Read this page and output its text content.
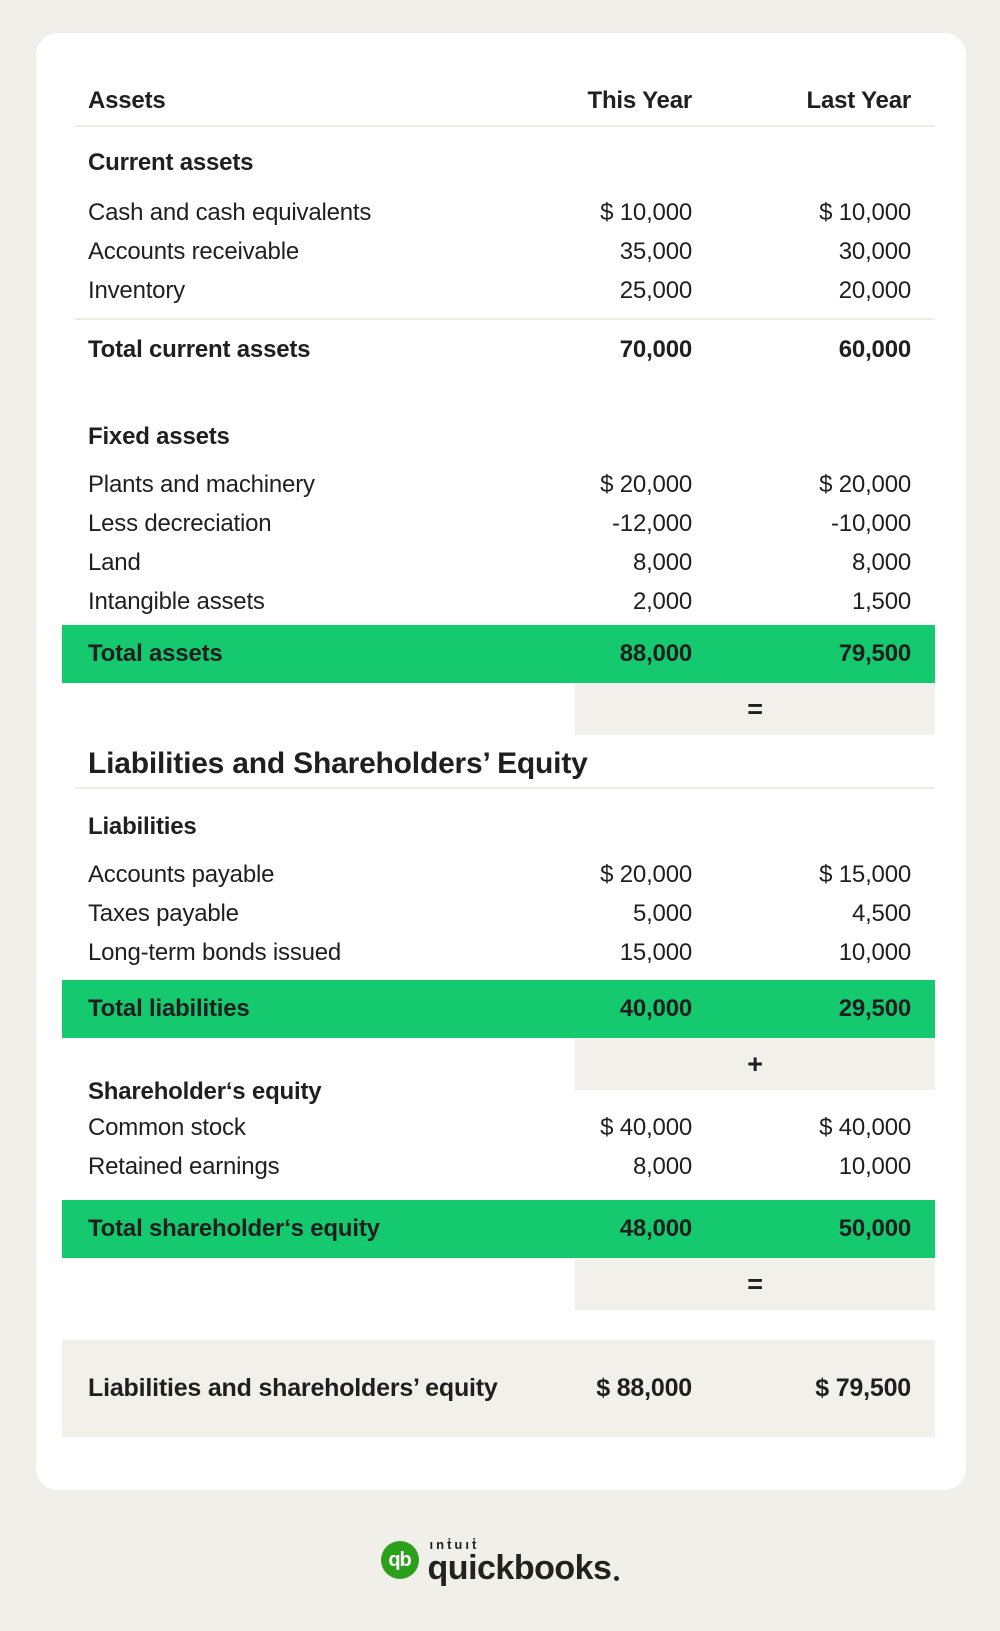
Assets	This Year	Last Year
Current assets
Cash and cash equivalents	$ 10,000	$ 10,000
Accounts receivable	35,000	30,000
Inventory	25,000	20,000
Total current assets	70,000	60,000
Fixed assets
Plants and machinery	$ 20,000	$ 20,000
Less decreciation	-12,000	-10,000
Land	8,000	8,000
Intangible assets	2,000	1,500
Total assets	88,000	79,500
=
Liabilities and Shareholders’ Equity
Liabilities
Accounts payable	$ 20,000	$ 15,000
Taxes payable	5,000	4,500
Long-term bonds issued	15,000	10,000
Total liabilities	40,000	29,500
+
Shareholder‘s equity
Common stock	$ 40,000	$ 40,000
Retained earnings	8,000	10,000
Total shareholder‘s equity	48,000	50,000
=
Liabilities and shareholders’ equity	$ 88,000	$ 79,500
qb
ınṫuıṫ
quickbooks
